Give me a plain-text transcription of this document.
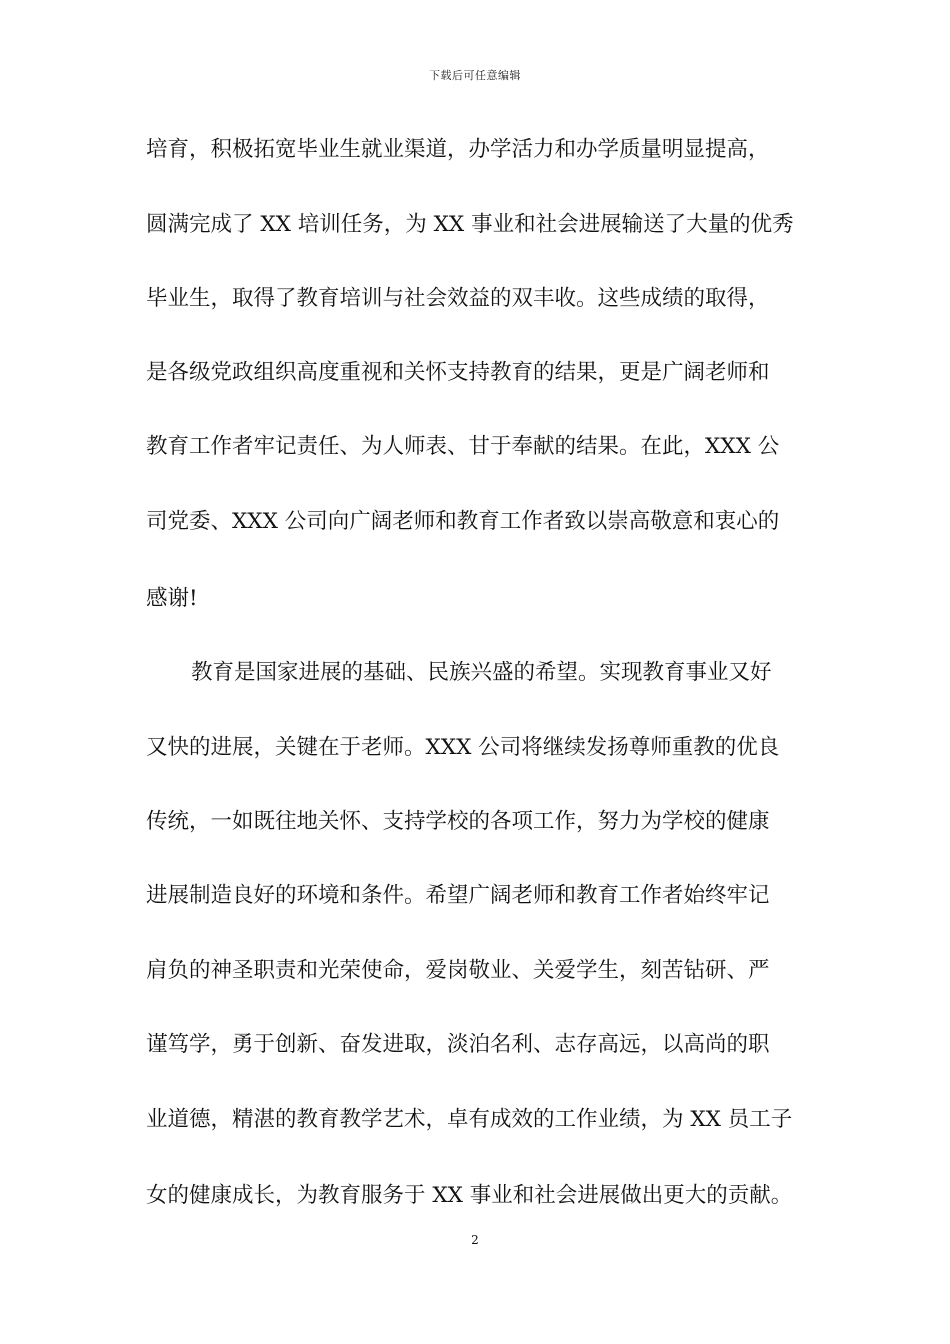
下载后可任意编辑
培育，积极拓宽毕业生就业渠道，办学活力和办学质量明显提高，
圆满完成了 XX 培训任务，为 XX 事业和社会进展输送了大量的优秀
毕业生，取得了教育培训与社会效益的双丰收。这些成绩的取得，
是各级党政组织高度重视和关怀支持教育的结果，更是广阔老师和
教育工作者牢记责任、为人师表、甘于奉献的结果。在此，XXX 公
司党委、XXX 公司向广阔老师和教育工作者致以崇高敬意和衷心的
感谢!
教育是国家进展的基础、民族兴盛的希望。实现教育事业又好
又快的进展，关键在于老师。XXX 公司将继续发扬尊师重教的优良
传统，一如既往地关怀、支持学校的各项工作，努力为学校的健康
进展制造良好的环境和条件。希望广阔老师和教育工作者始终牢记
肩负的神圣职责和光荣使命，爱岗敬业、关爱学生，刻苦钻研、严
谨笃学，勇于创新、奋发进取，淡泊名利、志存高远，以高尚的职
业道德，精湛的教育教学艺术，卓有成效的工作业绩，为 XX 员工子
女的健康成长，为教育服务于 XX 事业和社会进展做出更大的贡献。
2
